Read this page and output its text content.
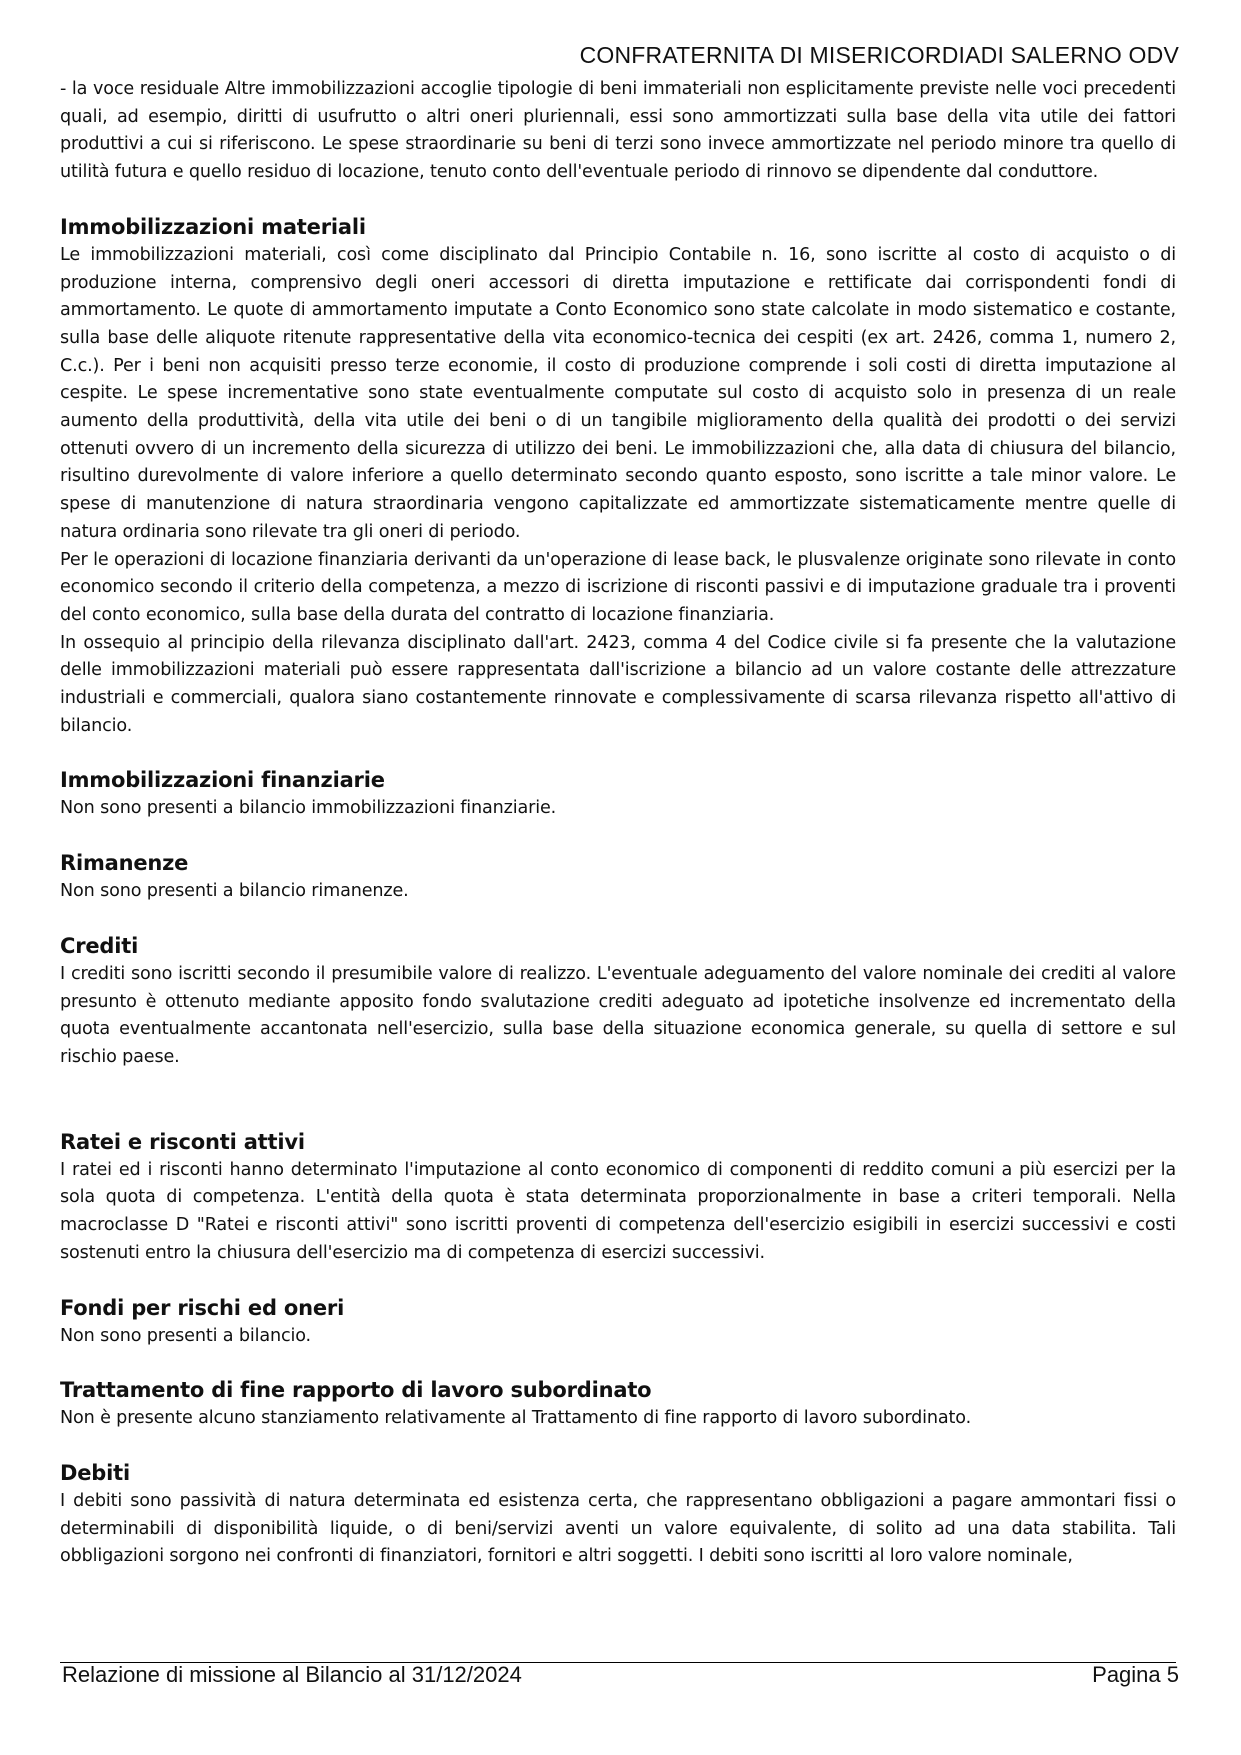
CONFRATERNITA DI MISERICORDIADI SALERNO ODV

- la voce residuale Altre immobilizzazioni accoglie tipologie di beni immateriali non esplicitamente previste nelle voci precedenti quali, ad esempio, diritti di usufrutto o altri oneri pluriennali, essi sono ammortizzati sulla base della vita utile dei fattori produttivi a cui si riferiscono. Le spese straordinarie su beni di terzi sono invece ammortizzate nel periodo minore tra quello di utilità futura e quello residuo di locazione, tenuto conto dell'eventuale periodo di rinnovo se dipendente dal conduttore.

Immobilizzazioni materiali

Le immobilizzazioni materiali, così come disciplinato dal Principio Contabile n. 16, sono iscritte al costo di acquisto o di produzione interna, comprensivo degli oneri accessori di diretta imputazione e rettificate dai corrispondenti fondi di ammortamento. Le quote di ammortamento imputate a Conto Economico sono state calcolate in modo sistematico e costante, sulla base delle aliquote ritenute rappresentative della vita economico-tecnica dei cespiti (ex art. 2426, comma 1, numero 2, C.c.). Per i beni non acquisiti presso terze economie, il costo di produzione comprende i soli costi di diretta imputazione al cespite. Le spese incrementative sono state eventualmente computate sul costo di acquisto solo in presenza di un reale aumento della produttività, della vita utile dei beni o di un tangibile miglioramento della qualità dei prodotti o dei servizi ottenuti ovvero di un incremento della sicurezza di utilizzo dei beni. Le immobilizzazioni che, alla data di chiusura del bilancio, risultino durevolmente di valore inferiore a quello determinato secondo quanto esposto, sono iscritte a tale minor valore. Le spese di manutenzione di natura straordinaria vengono capitalizzate ed ammortizzate sistematicamente mentre quelle di natura ordinaria sono rilevate tra gli oneri di periodo.

Per le operazioni di locazione finanziaria derivanti da un'operazione di lease back, le plusvalenze originate sono rilevate in conto economico secondo il criterio della competenza, a mezzo di iscrizione di risconti passivi e di imputazione graduale tra i proventi del conto economico, sulla base della durata del contratto di locazione finanziaria.

In ossequio al principio della rilevanza disciplinato dall'art. 2423, comma 4 del Codice civile si fa presente che la valutazione delle immobilizzazioni materiali può essere rappresentata dall'iscrizione a bilancio ad un valore costante delle attrezzature industriali e commerciali, qualora siano costantemente rinnovate e complessivamente di scarsa rilevanza rispetto all'attivo di bilancio.

Immobilizzazioni finanziarie

Non sono presenti a bilancio immobilizzazioni finanziarie.

Rimanenze

Non sono presenti a bilancio rimanenze.

Crediti

I crediti sono iscritti secondo il presumibile valore di realizzo. L'eventuale adeguamento del valore nominale dei crediti al valore presunto è ottenuto mediante apposito fondo svalutazione crediti adeguato ad ipotetiche insolvenze ed incrementato della quota eventualmente accantonata nell'esercizio, sulla base della situazione economica generale, su quella di settore e sul rischio paese.

Ratei e risconti attivi

I ratei ed i risconti hanno determinato l'imputazione al conto economico di componenti di reddito comuni a più esercizi per la sola quota di competenza. L'entità della quota è stata determinata proporzionalmente in base a criteri temporali. Nella macroclasse D "Ratei e risconti attivi" sono iscritti proventi di competenza dell'esercizio esigibili in esercizi successivi e costi sostenuti entro la chiusura dell'esercizio ma di competenza di esercizi successivi.

Fondi per rischi ed oneri

Non sono presenti a bilancio.

Trattamento di fine rapporto di lavoro subordinato

Non è presente alcuno stanziamento relativamente al Trattamento di fine rapporto di lavoro subordinato.

Debiti

I debiti sono passività di natura determinata ed esistenza certa, che rappresentano obbligazioni a pagare ammontari fissi o determinabili di disponibilità liquide, o di beni/servizi aventi un valore equivalente, di solito ad una data stabilita. Tali obbligazioni sorgono nei confronti di finanziatori, fornitori e altri soggetti. I debiti sono iscritti al loro valore nominale,

Relazione di missione al Bilancio al 31/12/2024	Pagina 5
